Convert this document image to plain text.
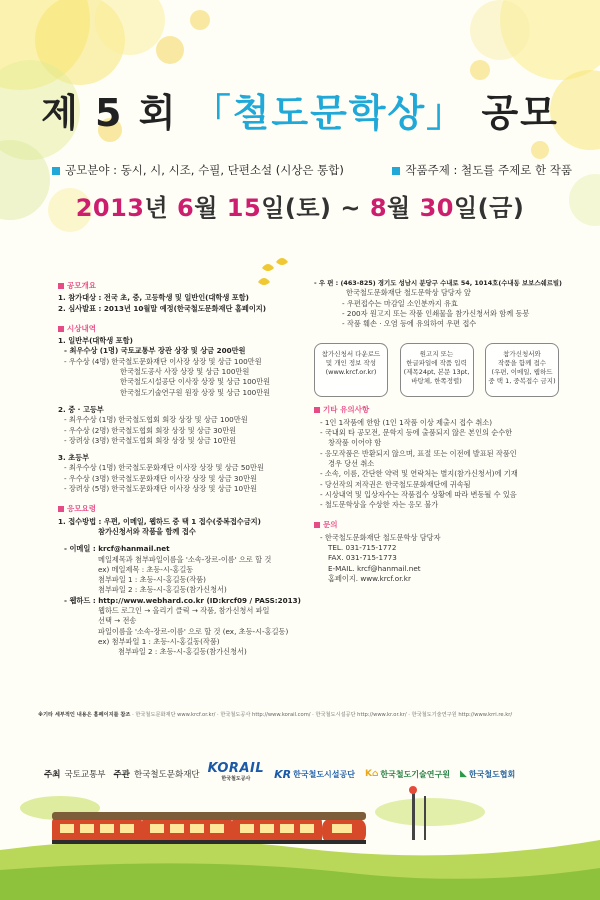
제 5 회 「철도문학상」 공모
공모분야 : 동시, 시, 시조, 수필, 단편소설 (시상은 통합)	작품주제 : 철도를 주제로 한 작품
2013년 6월 15일(토) ~ 8월 30일(금)
공모개요
1. 참가대상 : 전국 초, 중, 고등학생 및 일반인(대학생 포함)
2. 심사발표 : 2013년 10월말 예정(한국철도문화재단 홈페이지)
시상내역
1. 일반부(대학생 포함)
- 최우수상 (1명) 국토교통부 장관 상장 및 상금 200만원
- 우수상 (4명) 한국철도문화재단 이사장 상장 및 상금 100만원
한국철도공사 사장 상장 및 상금 100만원
한국철도시설공단 이사장 상장 및 상금 100만원
한국철도기술연구원 원장 상장 및 상금 100만원
2. 중 · 고등부
- 최우수상 (1명) 한국철도협회 회장 상장 및 상금 100만원
- 우수상 (2명) 한국철도협회 회장 상장 및 상금 30만원
- 장려상 (3명) 한국철도협회 회장 상장 및 상금 10만원
3. 초등부
- 최우수상 (1명) 한국철도문화재단 이사장 상장 및 상금 50만원
- 우수상 (3명) 한국철도문화재단 이사장 상장 및 상금 30만원
- 장려상 (5명) 한국철도문화재단 이사장 상장 및 상금 10만원
응모요령
1. 접수방법 : 우편, 이메일, 웹하드 중 택 1 접수(중복접수금지)
참가신청서와 작품을 함께 접수
- 이메일 : krcf@hanmail.net
메일제목과 첨부파일이름을 '소속-장르-이름' 으로 할 것
ex) 메일제목 : 초등-시-홍길동
첨부파일 1 : 초등-시-홍길동(작품)
첨부파일 2 : 초등-시-홍길동(참가신청서)
- 웹하드 : http://www.webhard.co.kr (ID:krcf09 / PASS:2013)
웹하드 로그인 → 올리기 클릭 → 작품, 참가신청서 파일
선택 → 전송
파일이름을 '소속-장르-이름' 으로 할 것 (ex, 초등-시-홍길동)
ex) 첨부파일 1 : 초등-시-홍길동(작품)
첨부파일 2 : 초등-시-홍길동(참가신청서)
- 우 편 : (463-825) 경기도 성남시 분당구 수내로 54, 1014호(수내동 보보스쉐르빌)
한국철도문화재단 철도문학상 담당자 앞
- 우편접수는 마감일 소인분까지 유효
- 200자 원고지 또는 작품 인쇄물을 참가신청서와 함께 동봉
- 작품 훼손 · 오염 등에 유의하여 우편 접수
참가신청서 다운로드
및 개인 정보 작성
(www.krcf.or.kr)
원고지 또는
한글파일에 작품 입력
(제목24pt, 본문 13pt,
바탕체, 한쪽정렬)
참가신청서와
작품을 함께 접수
(우편, 이메일, 웹하드
중 택 1, 중복접수 금지)
기타 유의사항
- 1인 1작품에 한함 (1인 1작품 이상 제출시 접수 취소)
- 국내외 타 공모전, 문학지 등에 출품되지 않은 본인의 순수한
창작품 이어야 함
- 응모작품은 반환되지 않으며, 표절 또는 이전에 발표된 작품인
경우 당선 취소
- 소속, 이름, 간단한 약력 및 연락처는 별지(참가신청서)에 기재
- 당선작의 저작권은 한국철도문화재단에 귀속됨
- 시상내역 및 입상자수는 작품접수 상황에 따라 변동될 수 있음
- 철도문학상을 수상한 자는 응모 불가
문의
- 한국철도문화재단 철도문학상 담당자
TEL. 031-715-1772
FAX. 031-715-1773
E-MAIL. krcf@hanmail.net
홈페이지. www.krcf.or.kr
※기타 세부적인 내용은 홈페이지를 참조 · 한국철도문화재단 www.krcf.or.kr/ · 한국철도공사 http://www.korail.com/ · 한국철도시설공단 http://www.kr.or.kr/ · 한국철도기술연구원 http://www.krri.re.kr/
주최 국토교통부 주관 한국철도문화재단 KORAIL
한국철도공사	KR 한국철도시설공단 K⌂ 한국철도기술연구원 ◣ 한국철도협회
